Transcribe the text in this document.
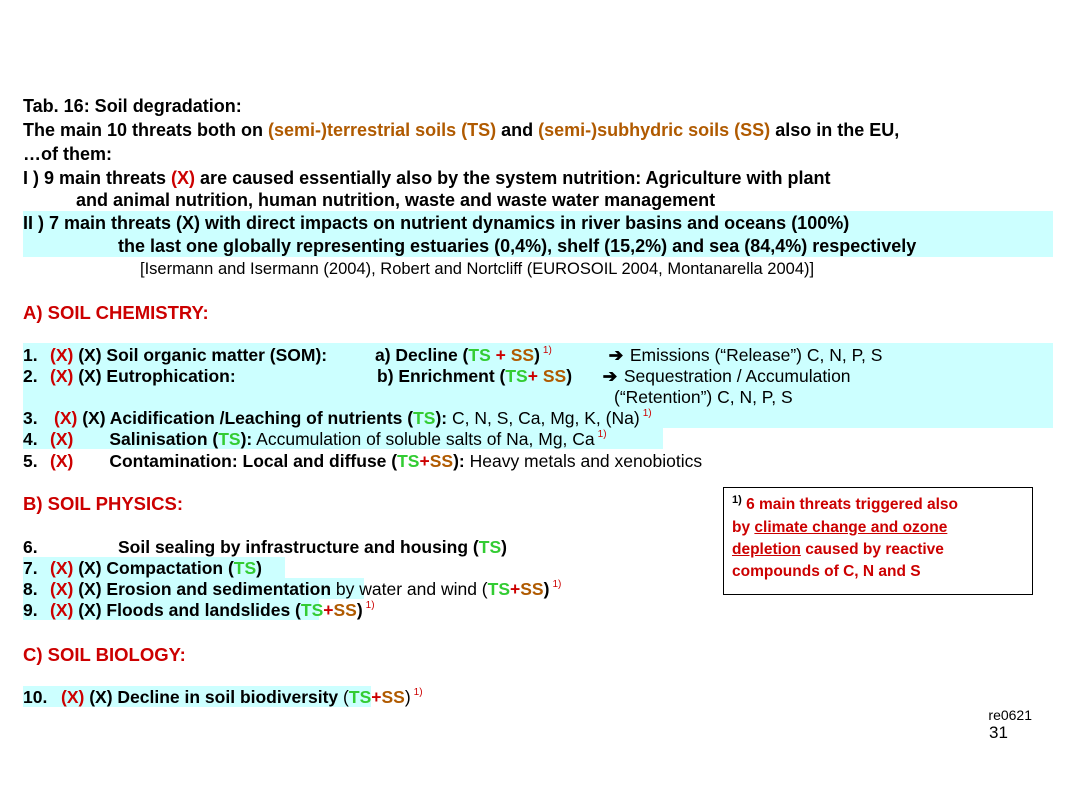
Tab. 16: Soil degradation:
The main 10 threats both on (semi-)terrestrial soils (TS) and (semi-)subhydric soils (SS) also in the EU,
…of them:
I ) 9 main threats (X) are caused essentially also by the system nutrition: Agriculture with plant
and animal nutrition, human nutrition, waste and waste water management
II ) 7 main threats (X) with direct impacts on nutrient dynamics in river basins and oceans (100%)
the last one globally representing estuaries (0,4%), shelf (15,2%) and sea (84,4%) respectively
[Isermann and Isermann (2004), Robert and Nortcliff (EUROSOIL 2004, Montanarella 2004)]
A) SOIL CHEMISTRY:
1. (X) (X) Soil organic matter (SOM):	a) Decline (TS + SS) $^{1)}$	➔ Emissions (“Release”) C, N, P, S
2. (X) (X) Eutrophication:	b) Enrichment (TS+ SS) ➔ Sequestration / Accumulation
(“Retention”) C, N, P, S
3. (X) (X) Acidification /Leaching of nutrients (TS): C, N, S, Ca, Mg, K, (Na) $^{1)}$
4. (X) Salinisation (TS): Accumulation of soluble salts of Na, Mg, Ca $^{1)}$
5. (X) Contamination: Local and diffuse (TS+SS): Heavy metals and xenobiotics
B) SOIL PHYSICS:
6.	Soil sealing by infrastructure and housing (TS)
7. (X) (X) Compactation (TS)
8. (X) (X) Erosion and sedimentation by water and wind (TS+SS) $^{1)}$
9. (X) (X) Floods and landslides (TS+SS) $^{1)}$
C) SOIL BIOLOGY:
10. (X) (X) Decline in soil biodiversity (TS+SS) $^{1)}$
$^{1)}$ 6 main threats triggered also
by climate change and ozone
depletion caused by reactive
compounds of C, N and S
re0621
31
